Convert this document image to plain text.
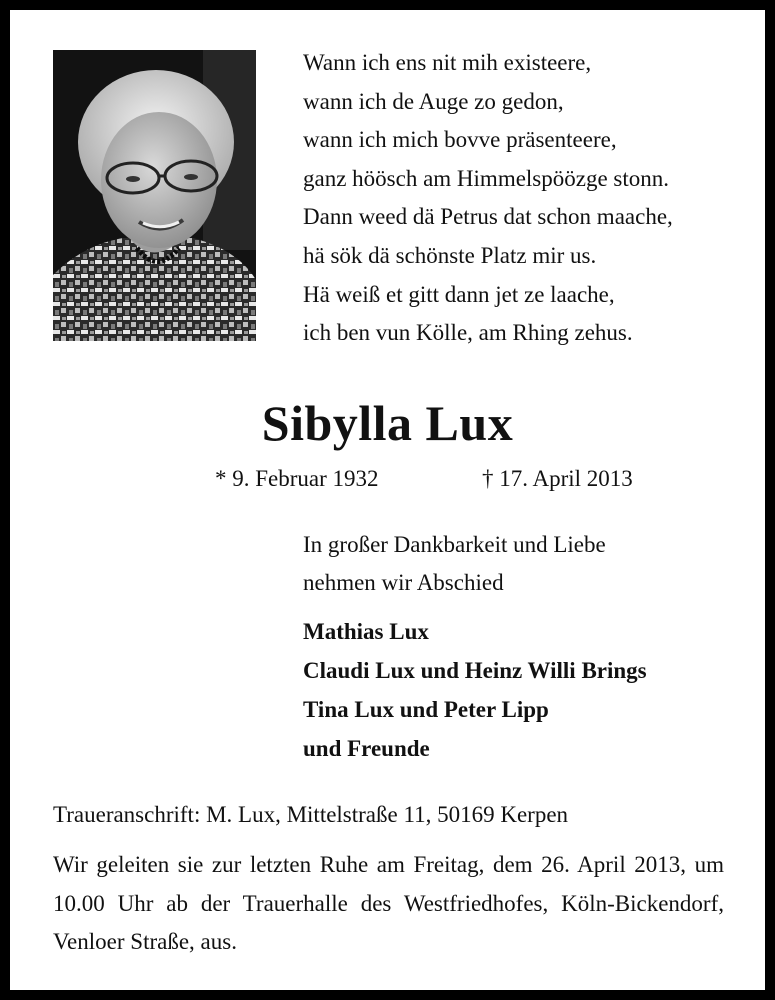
Wann ich ens nit mih existeere,
wann ich de Auge zo gedon,
wann ich mich bovve präsenteere,
ganz höösch am Himmelspöözge stonn.
Dann weed dä Petrus dat schon maache,
hä sök dä schönste Platz mir us.
Hä weiß et gitt dann jet ze laache,
ich ben vun Kölle, am Rhing zehus.
Sibylla Lux
* 9. Februar 1932	† 17. April 2013
In großer Dankbarkeit und Liebe
nehmen wir Abschied
Mathias Lux
Claudi Lux und Heinz Willi Brings
Tina Lux und Peter Lipp
und Freunde
Traueranschrift: M. Lux, Mittelstraße 11, 50169 Kerpen

Wir geleiten sie zur letzten Ruhe am Freitag, dem 26. April 2013, um 10.00 Uhr ab der Trauerhalle des Westfriedhofes, Köln-Bickendorf, Venloer Straße, aus.
